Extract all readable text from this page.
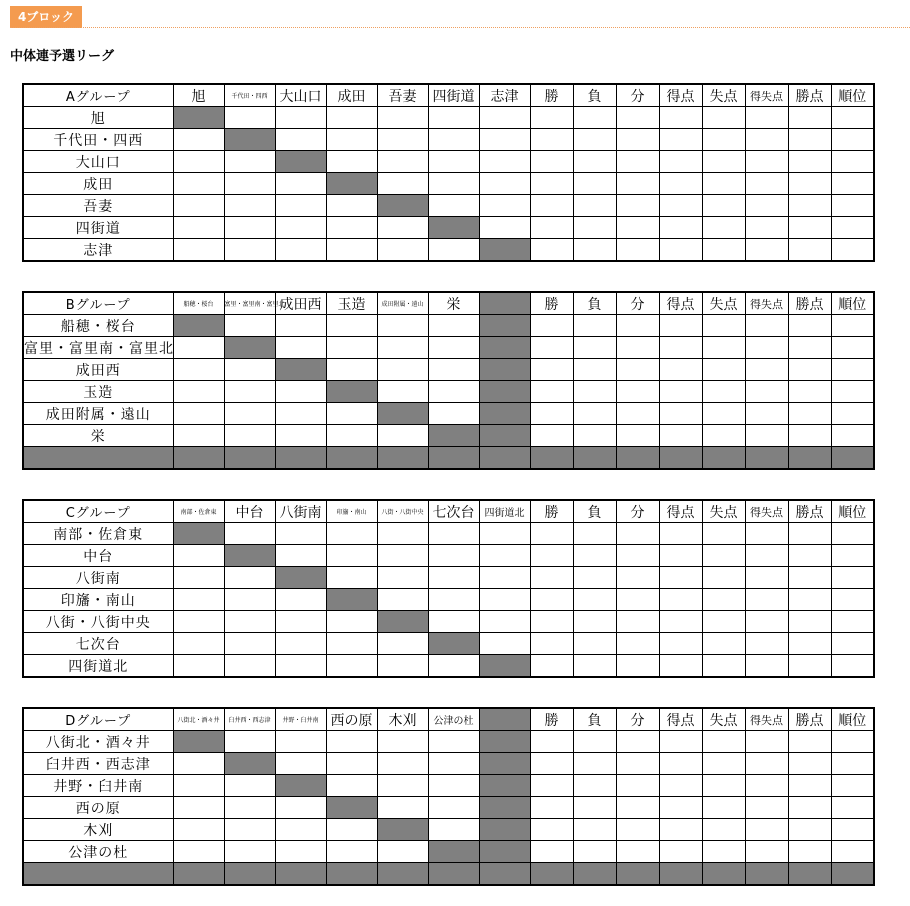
4ブロック
中体連予選リーグ
Aグループ	旭	千代田・四西	大山口	成田	吾妻	四街道	志津	勝	負	分	得点	失点	得失点	勝点	順位
旭															
千代田・四西															
大山口															
成田															
吾妻															
四街道															
志津															
Bグループ	船穂・桜台	富里・富里南・富里北	成田西	玉造	成田附属・遠山	栄		勝	負	分	得点	失点	得失点	勝点	順位
船穂・桜台															
富里・富里南・富里北															
成田西															
玉造															
成田附属・遠山															
栄															

Cグループ	南部・佐倉東	中台	八街南	印旛・南山	八街・八街中央	七次台	四街道北	勝	負	分	得点	失点	得失点	勝点	順位
南部・佐倉東															
中台															
八街南															
印旛・南山															
八街・八街中央															
七次台															
四街道北															
Dグループ	八街北・酒々井	臼井西・西志津	井野・臼井南	西の原	木刈	公津の杜		勝	負	分	得点	失点	得失点	勝点	順位
八街北・酒々井															
臼井西・西志津															
井野・臼井南															
西の原															
木刈															
公津の杜															
